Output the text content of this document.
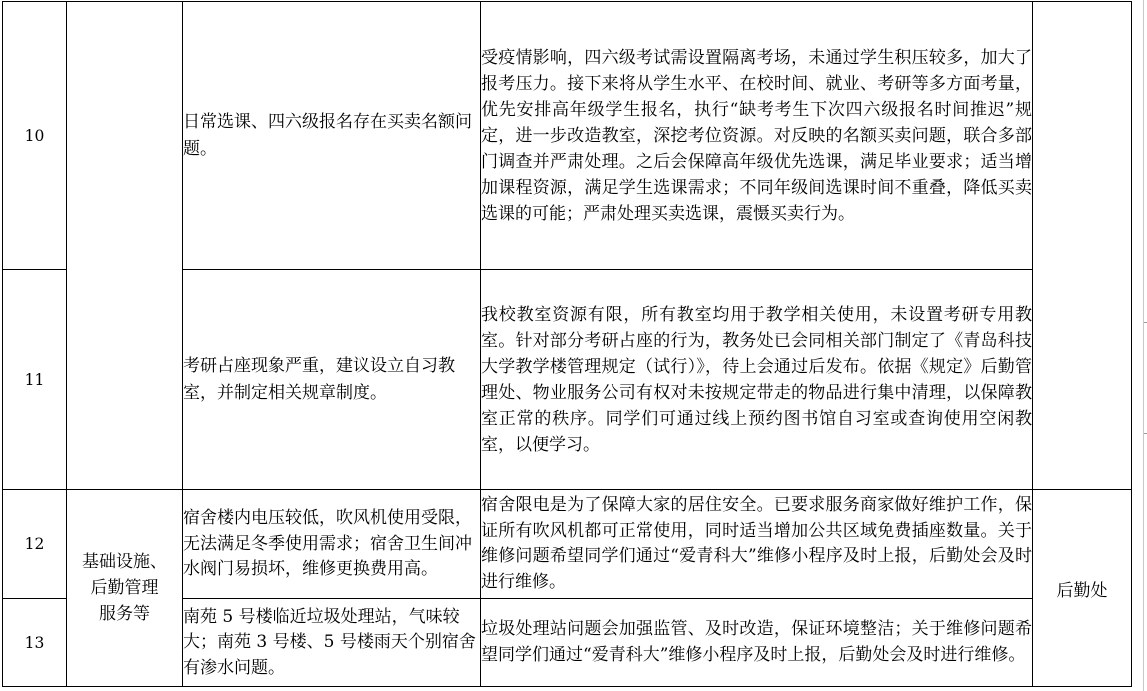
10		日常选课、四六级报名存在买卖名额问题。	受疫情影响，四六级考试需设置隔离考场，未通过学生积压较多，加大了报考压力。接下来将从学生水平、在校时间、就业、考研等多方面考量，优先安排高年级学生报名，执行“缺考考生下次四六级报名时间推迟”规定，进一步改造教室，深挖考位资源。对反映的名额买卖问题，联合多部门调查并严肃处理。之后会保障高年级优先选课，满足毕业要求；适当增加课程资源，满足学生选课需求；不同年级间选课时间不重叠，降低买卖选课的可能；严肃处理买卖选课，震慑买卖行为。	
11		考研占座现象严重，建议设立自习教室，并制定相关规章制度。	我校教室资源有限，所有教室均用于教学相关使用，未设置考研专用教室。针对部分考研占座的行为，教务处已会同相关部门制定了《青岛科技大学教学楼管理规定（试行）》，待上会通过后发布。依据《规定》后勤管理处、物业服务公司有权对未按规定带走的物品进行集中清理，以保障教室正常的秩序。同学们可通过线上预约图书馆自习室或查询使用空闲教室，以便学习。	
12	基础设施、
后勤管理
服务等	宿舍楼内电压较低，吹风机使用受限，无法满足冬季使用需求；宿舍卫生间冲水阀门易损坏，维修更换费用高。	宿舍限电是为了保障大家的居住安全。已要求服务商家做好维护工作，保证所有吹风机都可正常使用，同时适当增加公共区域免费插座数量。关于维修问题希望同学们通过“爱青科大”维修小程序及时上报，后勤处会及时进行维修。	后勤处
13		南苑 5 号楼临近垃圾处理站，气味较大；南苑 3 号楼、5 号楼雨天个别宿舍有渗水问题。	垃圾处理站问题会加强监管、及时改造，保证环境整洁；关于维修问题希望同学们通过“爱青科大”维修小程序及时上报，后勤处会及时进行维修。	
